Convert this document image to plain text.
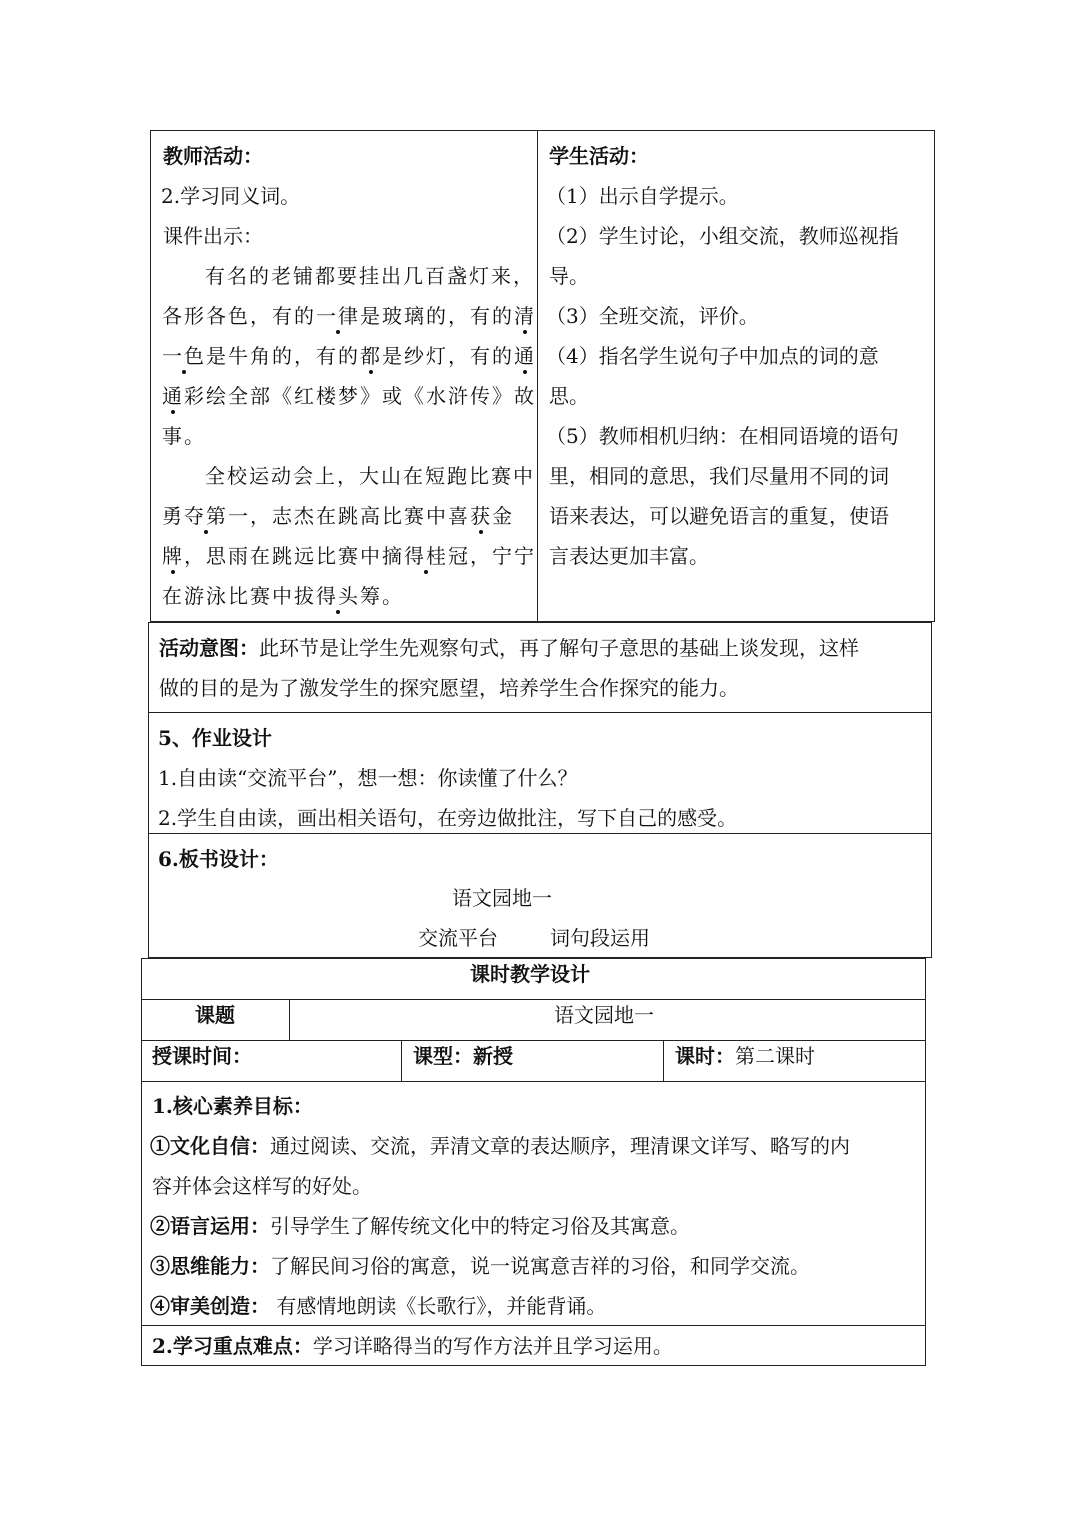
教师活动：
2.学习同义词。
课件出示：
有名的老铺都要挂出几百盏灯来，
各形各色，有的一律是玻璃的，有的清
一色是牛角的，有的都是纱灯，有的通
通彩绘全部《红楼梦》或《水浒传》故
事。
全校运动会上，大山在短跑比赛中
勇夺第一，志杰在跳高比赛中喜获金
牌，思雨在跳远比赛中摘得桂冠，宁宁
在游泳比赛中拔得头筹。
学生活动：
（1）出示自学提示。
（2）学生讨论，小组交流，教师巡视指
导。
（3）全班交流，评价。
（4）指名学生说句子中加点的词的意
思。
（5）教师相机归纳：在相同语境的语句
里，相同的意思，我们尽量用不同的词
语来表达，可以避免语言的重复，使语
言表达更加丰富。
活动意图：此环节是让学生先观察句式，再了解句子意思的基础上谈发现，这样
做的目的是为了激发学生的探究愿望，培养学生合作探究的能力。
5、作业设计
1.自由读“交流平台”，想一想：你读懂了什么？
2.学生自由读，画出相关语句，在旁边做批注，写下自己的感受。
6.板书设计：
语文园地一
交流平台	词句段运用
课时教学设计
课题	语文园地一
授课时间：	课型：新授	课时：第二课时
1.核心素养目标：
①文化自信：通过阅读、交流，弄清文章的表达顺序，理清课文详写、略写的内
容并体会这样写的好处。
②语言运用：引导学生了解传统文化中的特定习俗及其寓意。
③思维能力：了解民间习俗的寓意，说一说寓意吉祥的习俗，和同学交流。
④审美创造： 有感情地朗读《长歌行》，并能背诵。
2.学习重点难点：学习详略得当的写作方法并且学习运用。
